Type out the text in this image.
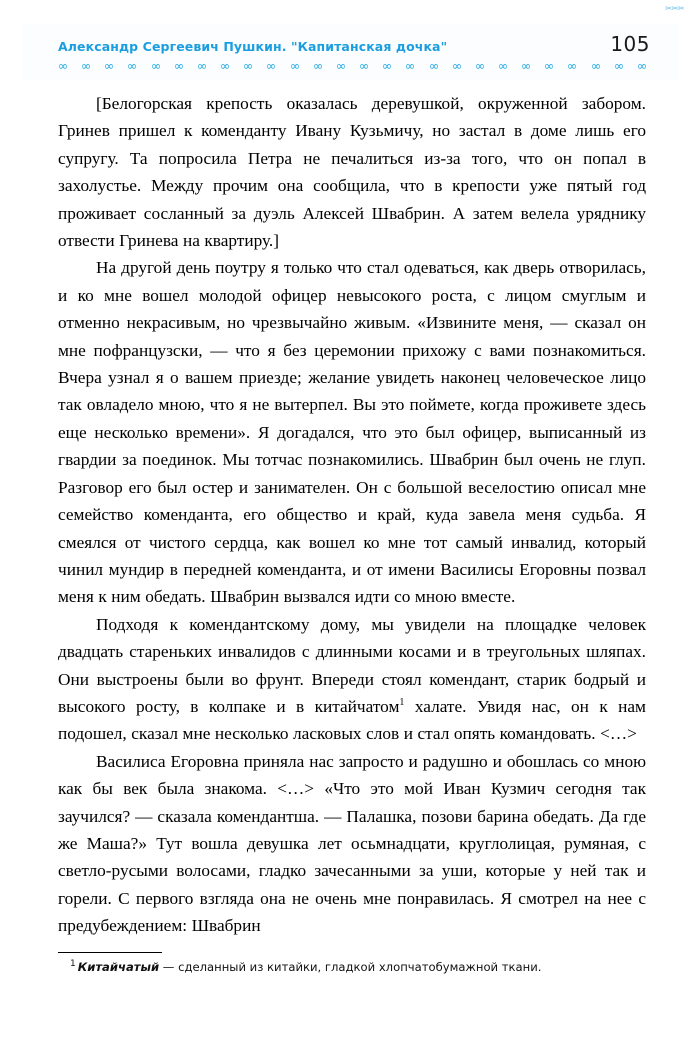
✂✂✂
Александр Сергеевич Пушкин. "Капитанская дочка"	105
∞ ∞ ∞ ∞ ∞ ∞ ∞ ∞ ∞ ∞ ∞ ∞ ∞ ∞ ∞ ∞ ∞ ∞ ∞ ∞ ∞ ∞ ∞ ∞ ∞ ∞

[Белогорская крепость оказалась деревушкой, окруженной забором. Гринев пришел к коменданту Ивану Кузьмичу, но застал в доме лишь его супругу. Та попросила Петра не печалиться из-за того, что он попал в захолустье. Между прочим она сообщила, что в крепости уже пятый год проживает сосланный за дуэль Алексей Швабрин. А затем велела уряднику отвести Гринева на квартиру.]

На другой день поутру я только что стал одеваться, как дверь отворилась, и ко мне вошел молодой офицер невысокого роста, с лицом смуглым и отменно некрасивым, но чрезвычайно живым. «Извините меня, — сказал он мне пофранцузски, — что я без церемонии прихожу с вами познакомиться. Вчера узнал я о вашем приезде; желание увидеть наконец человеческое лицо так овладело мною, что я не вытерпел. Вы это поймете, когда проживете здесь еще несколько времени». Я догадался, что это был офицер, выписанный из гвардии за поединок. Мы тотчас познакомились. Швабрин был очень не глуп. Разговор его был остер и занимателен. Он с большой веселостию описал мне семейство коменданта, его общество и край, куда завела меня судьба. Я смеялся от чистого сердца, как вошел ко мне тот самый инвалид, который чинил мундир в передней коменданта, и от имени Василисы Егоровны позвал меня к ним обедать. Швабрин вызвался идти со мною вместе.

Подходя к комендантскому дому, мы увидели на площадке человек двадцать стареньких инвалидов с длинными косами и в треугольных шляпах. Они выстроены были во фрунт. Впереди стоял комендант, старик бодрый и высокого росту, в колпаке и в китайчатом$^1$ халате. Увидя нас, он к нам подошел, сказал мне несколько ласковых слов и стал опять командовать. <…>

Василиса Егоровна приняла нас запросто и радушно и обошлась со мною как бы век была знакома. <…> «Что это мой Иван Кузмич сегодня так заучился? — сказала комендантша. — Палашка, позови барина обедать. Да где же Маша?» Тут вошла девушка лет осьмнадцати, круглолицая, румяная, с светло-русыми волосами, гладко зачесанными за уши, которые у ней так и горели. С первого взгляда она не очень мне понравилась. Я смотрел на нее с предубеждением: Швабрин

$^1$ Китайчатый — сделанный из китайки, гладкой хлопчатобумажной ткани.
